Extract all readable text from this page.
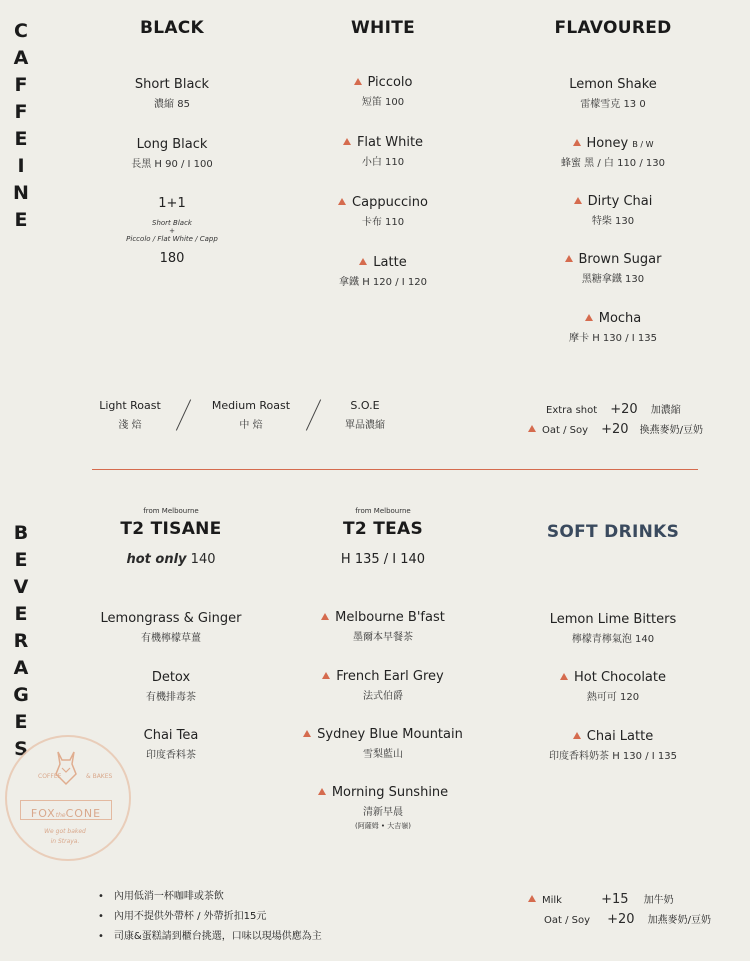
CAFFEINE
BEVERAGES
BLACK
Short Black
濃縮 85
Long Black
長黑 H 90 / I 100
1+1
Short Black
+
Piccolo / Flat White / Capp
180
WHITE
Piccolo
短笛 100
Flat White
小白 110
Cappuccino
卡布 110
Latte
拿鐵 H 120 / I 120
FLAVOURED
Lemon Shake
雷檬雪克 13 0
Honey B / W
蜂蜜 黑 / 白 110 / 130
Dirty Chai
特柴 130
Brown Sugar
黑糖拿鐵 130
Mocha
摩卡 H 130 / I 135
Light Roast
淺 焙
Medium Roast
中 焙
S.O.E
單品濃縮
Extra shot +20 加濃縮
Oat / Soy +20 換燕麥奶/豆奶
from Melbourne
T2 TISANE
hot only 140
Lemongrass & Ginger
有機檸檬草薑
Detox
有機排毒茶
Chai Tea
印度香料茶
from Melbourne
T2 TEAS
H 135 / I 140
Melbourne B'fast
墨爾本早餐茶
French Earl Grey
法式伯爵
Sydney Blue Mountain
雪梨藍山
Morning Sunshine
清新早晨
(阿薩姆 • 大吉嶺)
SOFT DRINKS
Lemon Lime Bitters
檸檬青檸氣泡 140
Hot Chocolate
熱可可 120
Chai Latte
印度香料奶茶 H 130 / I 135
COFFEE	& BAKES
FOXtheCONE
We got baked
in Straya.
• 內用低消一杯咖啡或茶飲
• 內用不提供外帶杯 / 外帶折扣15元
• 司康&蛋糕請到櫃台挑選，口味以現場供應為主
Milk	+15 加牛奶
Oat / Soy +20 加燕麥奶/豆奶
